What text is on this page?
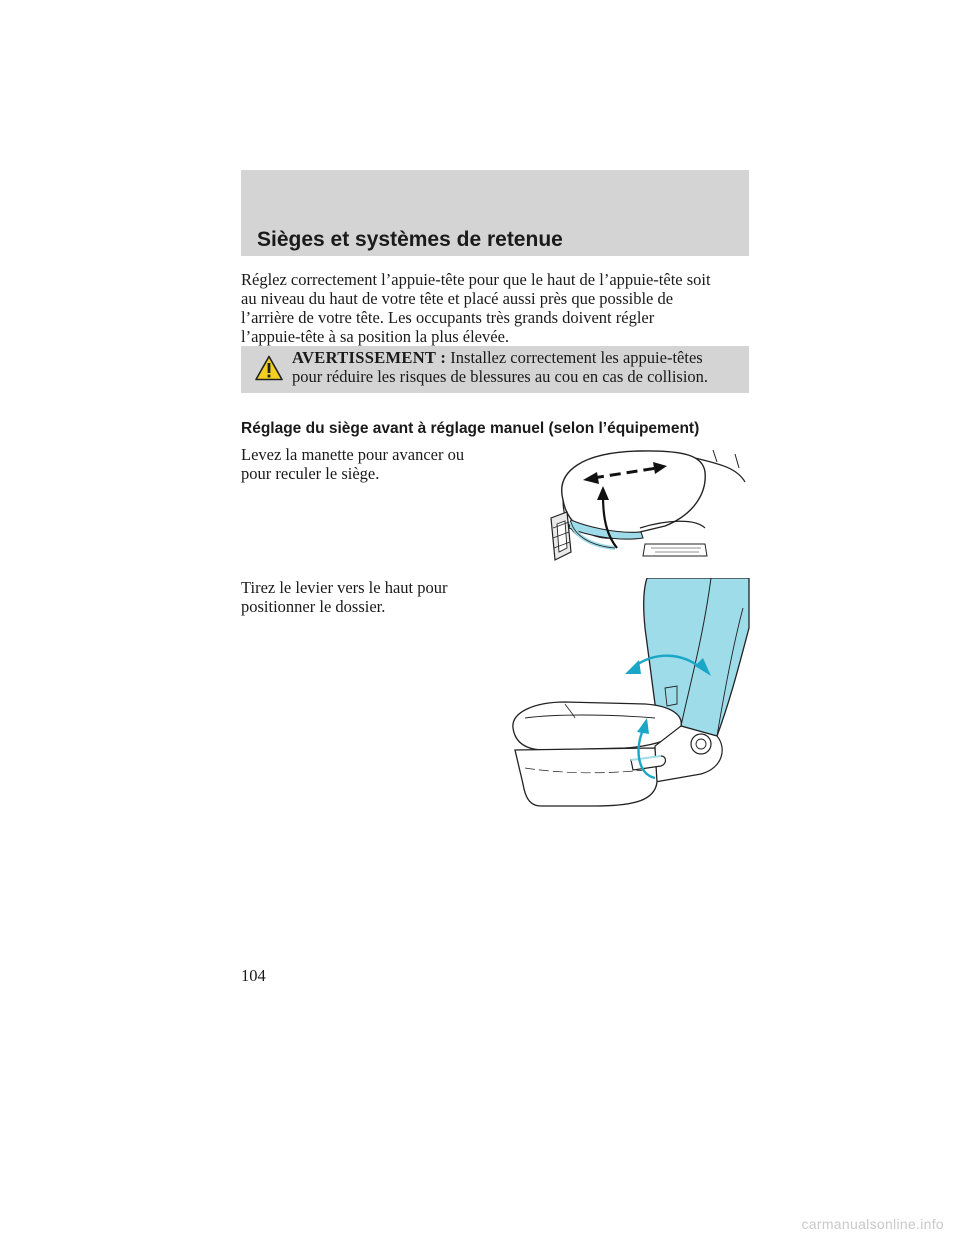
Sièges et systèmes de retenue

Réglez correctement l’appuie-tête pour que le haut de l’appuie-tête soit

au niveau du haut de votre tête et placé aussi près que possible de

l’arrière de votre tête. Les occupants très grands doivent régler

l’appuie-tête à sa position la plus élevée.

AVERTISSEMENT : Installez correctement les appuie-têtes
pour réduire les risques de blessures au cou en cas de collision.

Réglage du siège avant à réglage manuel (selon l’équipement)

Levez la manette pour avancer ou

pour reculer le siège.

Tirez le levier vers le haut pour

positionner le dossier.

104

carmanualsonline.info
